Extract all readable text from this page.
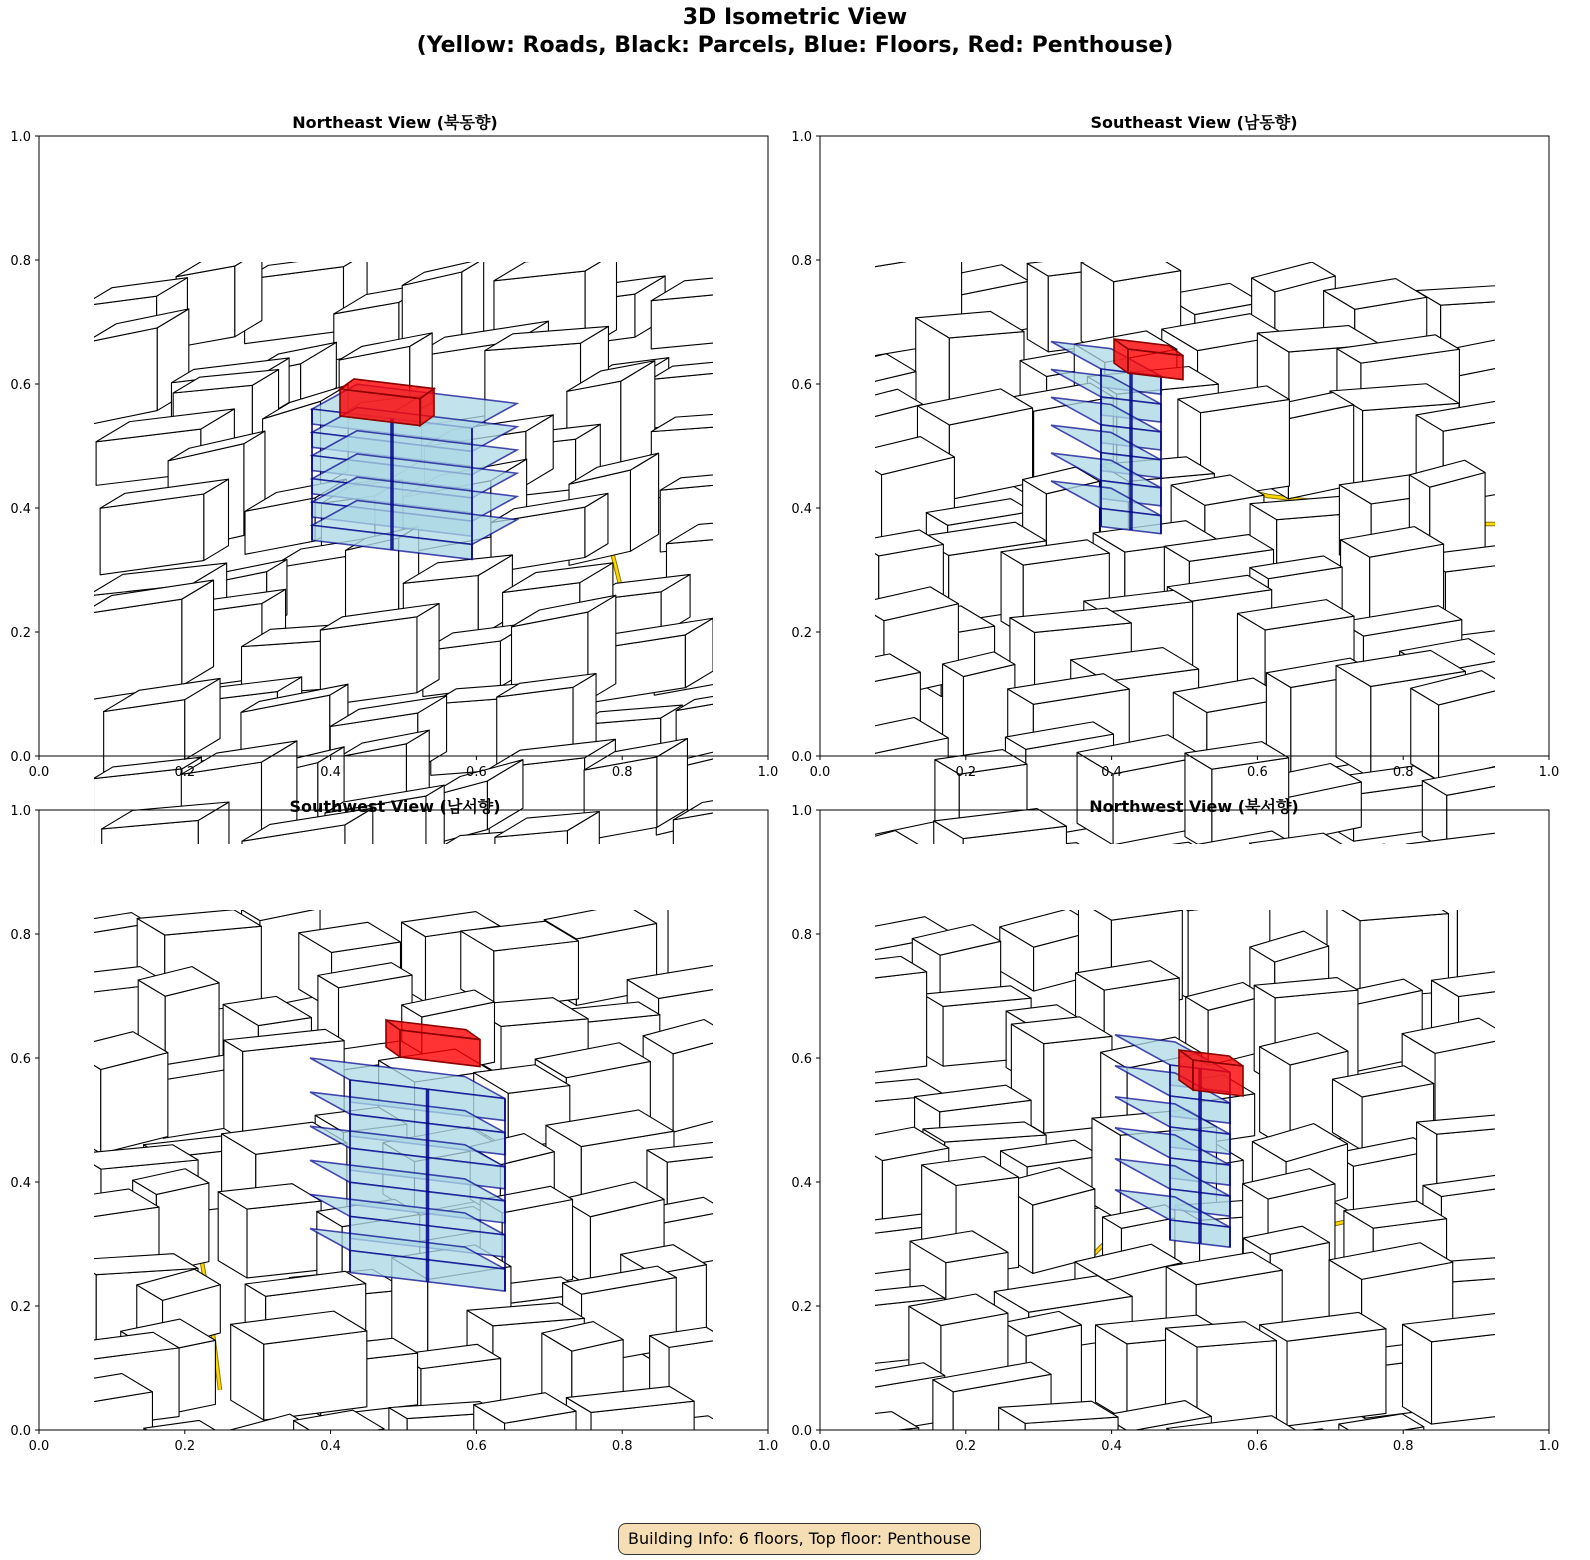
3D Isometric View
(Yellow: Roads, Black: Parcels, Blue: Floors, Red: Penthouse)
Northeast View (북동향)
0.0	0.2	0.4	0.6	0.8	1.0
0.0
0.2
0.4
0.6
0.8
1.0
Southeast View (남동향)
0.0	0.2	0.4	0.6	0.8	1.0
0.0
0.2
0.4
0.6
0.8
1.0
Southwest View (남서향)
0.0	0.2	0.4	0.6	0.8	1.0
0.0
0.2
0.4
0.6
0.8
1.0	Northwest View (북서향)
0.0	0.2	0.4	0.6	0.8	1.0
0.0
0.2
0.4
0.6
0.8
1.0
Building Info: 6 floors, Top floor: Penthouse
